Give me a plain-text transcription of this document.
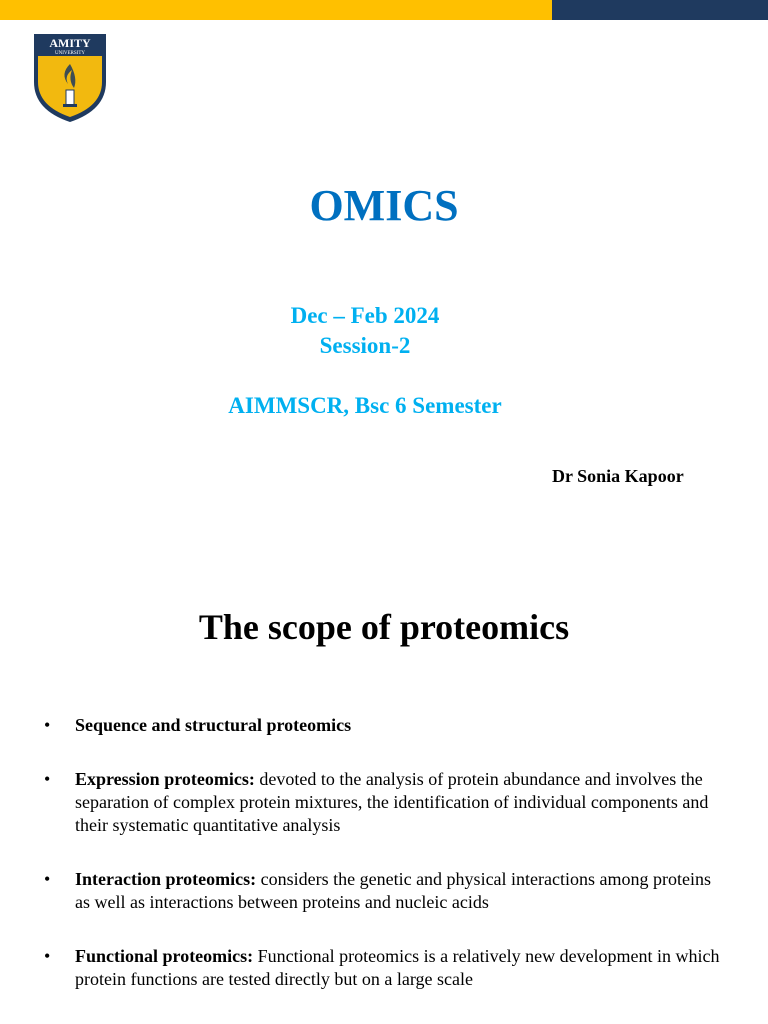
AMITY
UNIVERSITY
OMICS
Dec – Feb 2024
Session-2
AIMMSCR, Bsc 6 Semester
Dr Sonia Kapoor
The scope of proteomics
• Sequence and structural proteomics
• Expression proteomics: devoted to the analysis of protein abundance and involves the separation of complex protein mixtures, the identification of individual components and their systematic quantitative analysis
• Interaction proteomics: considers the genetic and physical interactions among proteins as well as interactions between proteins and nucleic acids
• Functional proteomics: Functional proteomics is a relatively new development in which protein functions are tested directly but on a large scale
